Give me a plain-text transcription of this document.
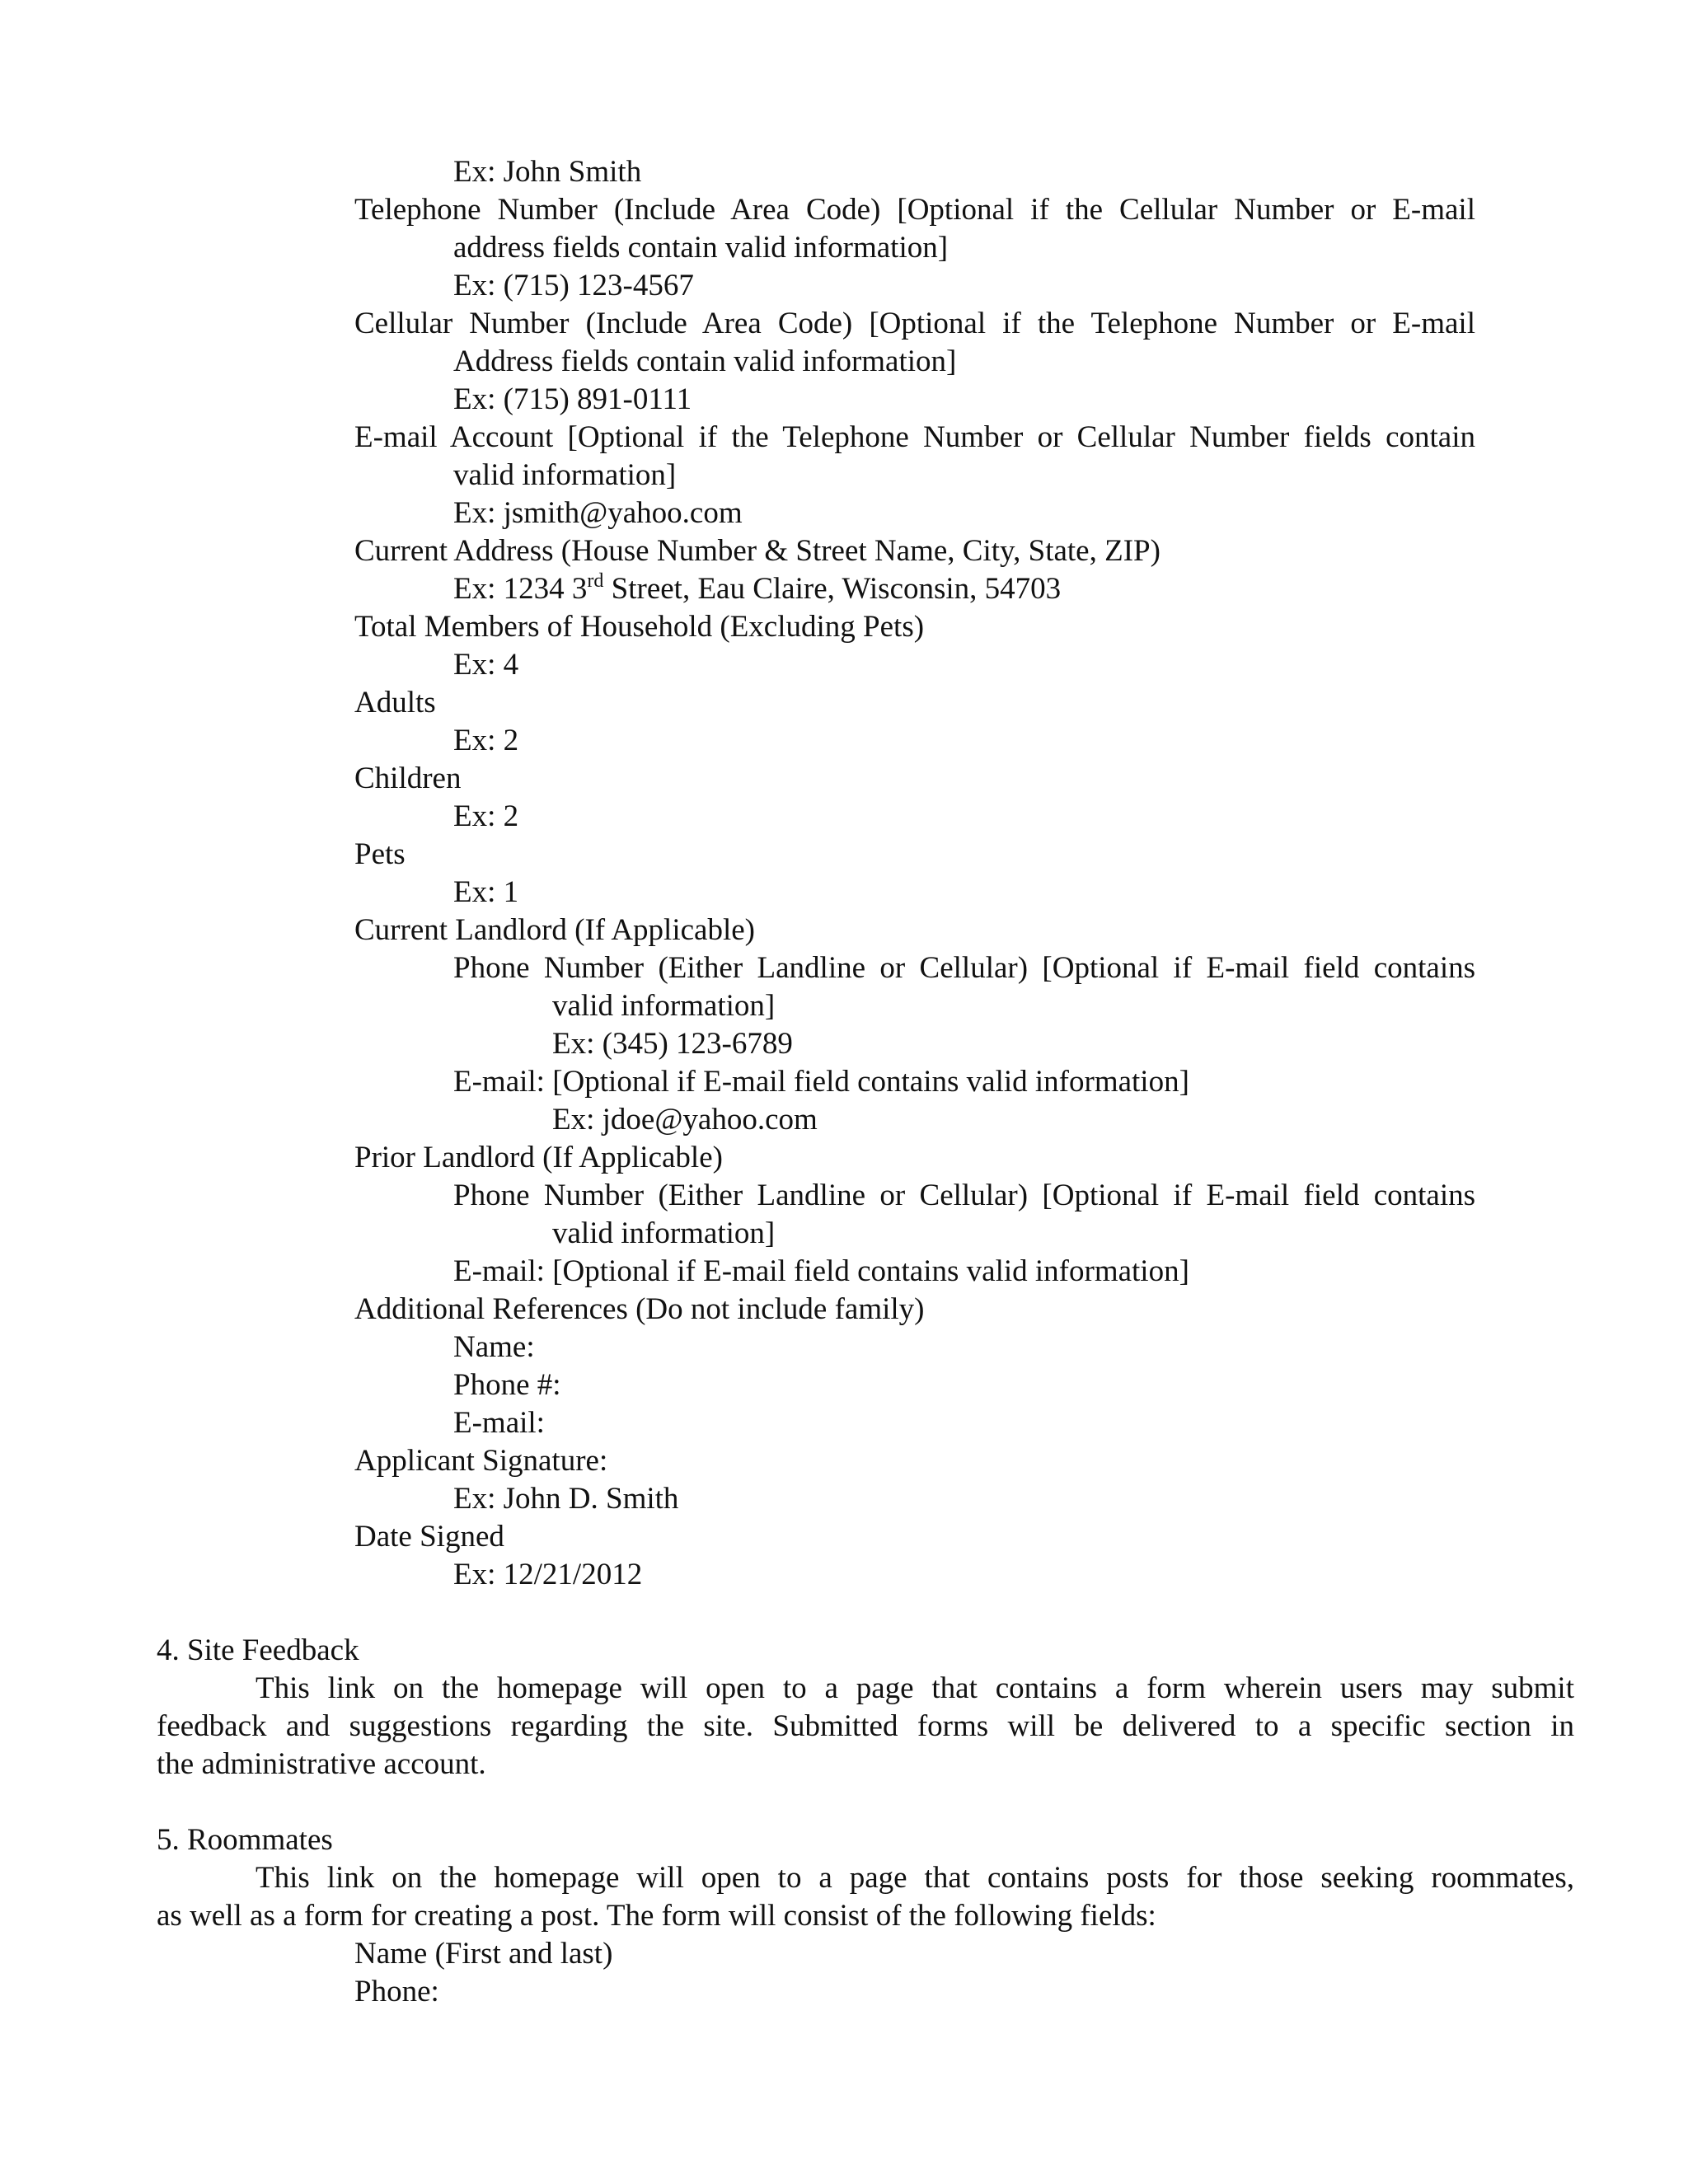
Ex: John Smith
Telephone Number (Include Area Code) [Optional if the Cellular Number or E-mail
address fields contain valid information]
Ex: (715) 123-4567
Cellular Number (Include Area Code) [Optional if the Telephone Number or E-mail
Address fields contain valid information]
Ex: (715) 891-0111
E-mail Account [Optional if the Telephone Number or Cellular Number fields contain
valid information]
Ex: jsmith@yahoo.com
Current Address (House Number & Street Name, City, State, ZIP)
Ex: 1234 3rd Street, Eau Claire, Wisconsin, 54703
Total Members of Household (Excluding Pets)
Ex: 4
Adults
Ex: 2
Children
Ex: 2
Pets
Ex: 1
Current Landlord (If Applicable)
Phone Number (Either Landline or Cellular) [Optional if E-mail field contains
valid information]
Ex: (345) 123-6789
E-mail: [Optional if E-mail field contains valid information]
Ex: jdoe@yahoo.com
Prior Landlord (If Applicable)
Phone Number (Either Landline or Cellular) [Optional if E-mail field contains
valid information]
E-mail: [Optional if E-mail field contains valid information]
Additional References (Do not include family)
Name:
Phone #:
E-mail:
Applicant Signature:
Ex: John D. Smith
Date Signed
Ex: 12/21/2012
4. Site Feedback
This link on the homepage will open to a page that contains a form wherein users may submit
feedback and suggestions regarding the site. Submitted forms will be delivered to a specific section in
the administrative account.
5. Roommates
This link on the homepage will open to a page that contains posts for those seeking roommates,
as well as a form for creating a post. The form will consist of the following fields:
Name (First and last)
Phone:
